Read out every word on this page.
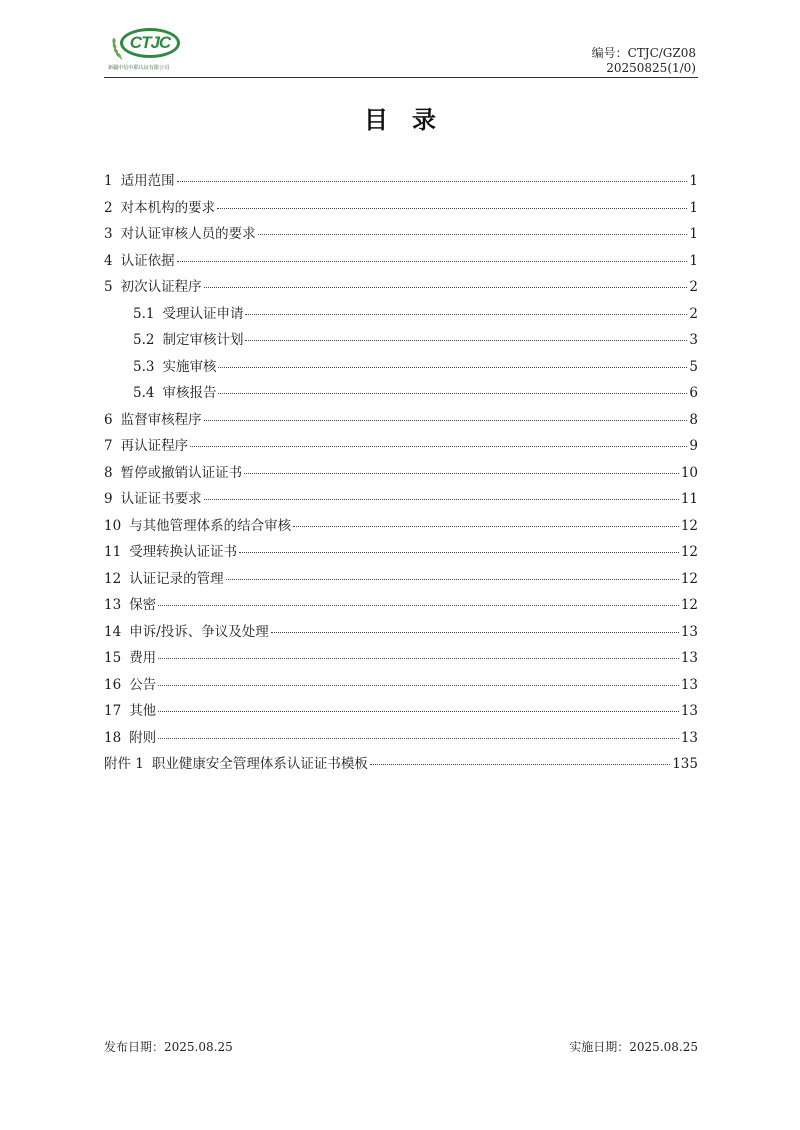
CTJC
新疆中信中联认证有限公司
编号：CTJC/GZ08
20250825(1/0)
目录
1 适用范围	1
2 对本机构的要求	1
3 对认证审核人员的要求	1
4 认证依据	1
5 初次认证程序	2
5.1 受理认证申请	2
5.2 制定审核计划	3
5.3 实施审核	5
5.4 审核报告	6
6 监督审核程序	8
7 再认证程序	9
8 暂停或撤销认证证书	10
9 认证证书要求	11
10 与其他管理体系的结合审核	12
11 受理转换认证证书	12
12 认证记录的管理	12
13 保密	12
14 申诉/投诉、争议及处理	13
15 费用	13
16 公告	13
17 其他	13
18 附则	13
附件 1 职业健康安全管理体系认证证书模板	135
发布日期：2025.08.25	实施日期：2025.08.25
